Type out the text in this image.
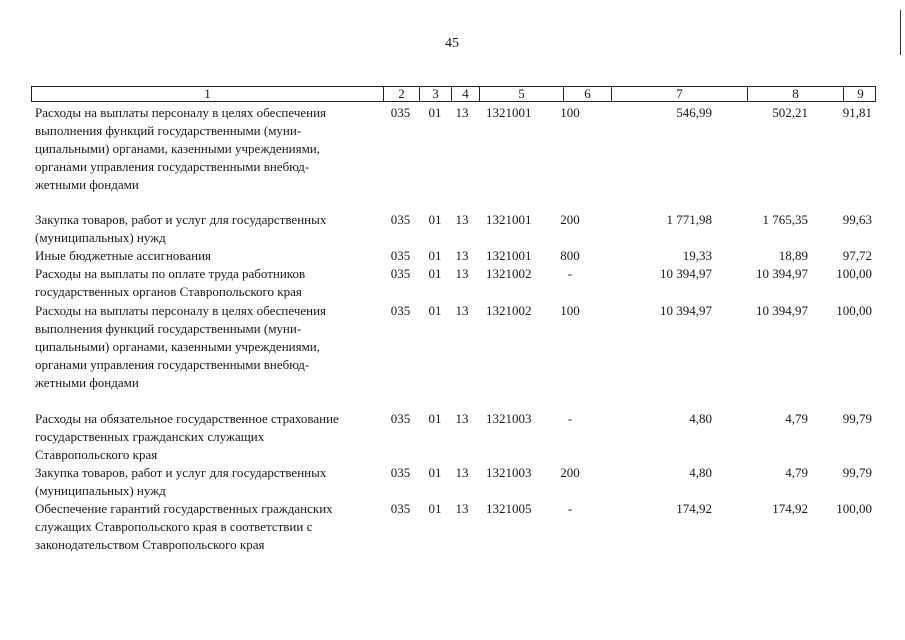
45
1	2	3	4	5	6	7	8	9
Расходы на выплаты персоналу в целях обеспечения
выполнения функций государственными (муни-
ципальными) органами, казенными учреждениями,
органами управления государственными внебюд-
жетными фондами
035 01 13 1321001	100	546,99	502,21	91,81
Закупка товаров, работ и услуг для государственных
(муниципальных) нужд
035 01 13 1321001	200	1 771,98	1 765,35	99,63
Иные бюджетные ассигнования	035 01 13 1321001	800	19,33	18,89	97,72
Расходы на выплаты по оплате труда работников
государственных органов Ставропольского края
035 01 13 1321002	-	10 394,97	10 394,97	100,00
Расходы на выплаты персоналу в целях обеспечения
выполнения функций государственными (муни-
ципальными) органами, казенными учреждениями,
органами управления государственными внебюд-
жетными фондами
035 01 13 1321002	100	10 394,97	10 394,97	100,00
Расходы на обязательное государственное страхование
государственных гражданских служащих
Ставропольского края
035 01 13 1321003	-	4,80	4,79	99,79
Закупка товаров, работ и услуг для государственных
(муниципальных) нужд
035 01 13 1321003	200	4,80	4,79	99,79
Обеспечение гарантий государственных гражданских
служащих Ставропольского края в соответствии с
законодательством Ставропольского края
035 01 13 1321005	-	174,92	174,92	100,00
